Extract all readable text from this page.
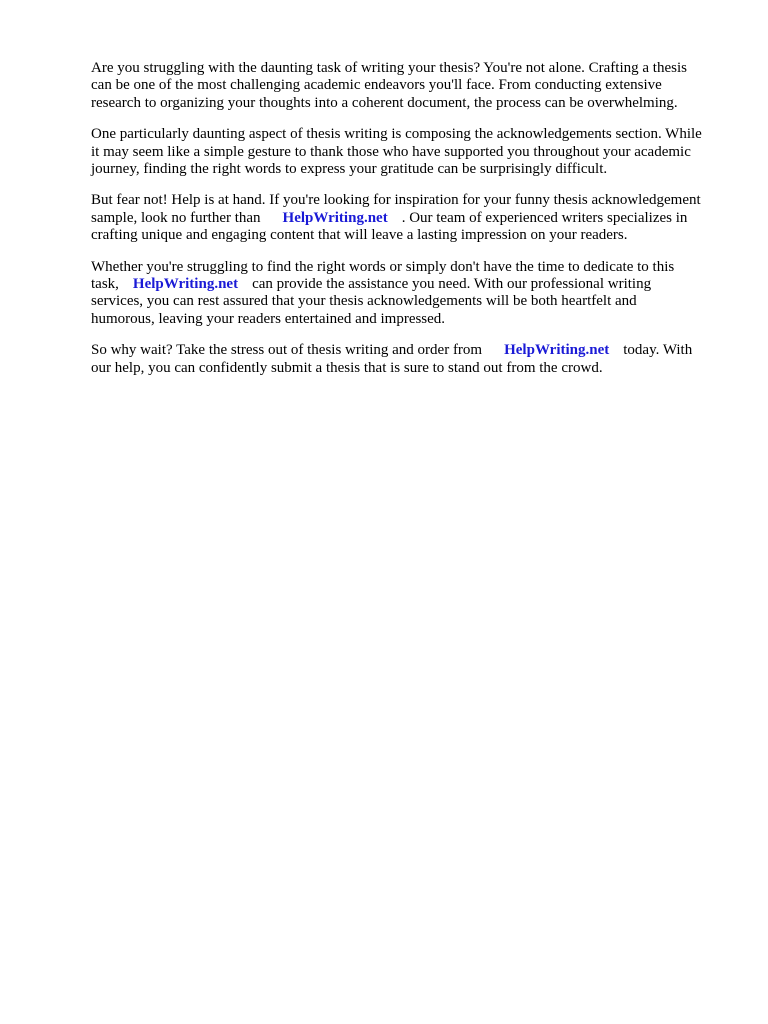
Are you struggling with the daunting task of writing your thesis? You're not alone. Crafting a thesis can be one of the most challenging academic endeavors you'll face. From conducting extensive research to organizing your thoughts into a coherent document, the process can be overwhelming.

One particularly daunting aspect of thesis writing is composing the acknowledgements section. While it may seem like a simple gesture to thank those who have supported you throughout your academic journey, finding the right words to express your gratitude can be surprisingly difficult.

But fear not! Help is at hand. If you're looking for inspiration for your funny thesis acknowledgement sample, look no further than HelpWriting.net . Our team of experienced writers specializes in crafting unique and engaging content that will leave a lasting impression on your readers.

Whether you're struggling to find the right words or simply don't have the time to dedicate to this task, HelpWriting.net can provide the assistance you need. With our professional writing services, you can rest assured that your thesis acknowledgements will be both heartfelt and humorous, leaving your readers entertained and impressed.

So why wait? Take the stress out of thesis writing and order from HelpWriting.net today. With our help, you can confidently submit a thesis that is sure to stand out from the crowd.
